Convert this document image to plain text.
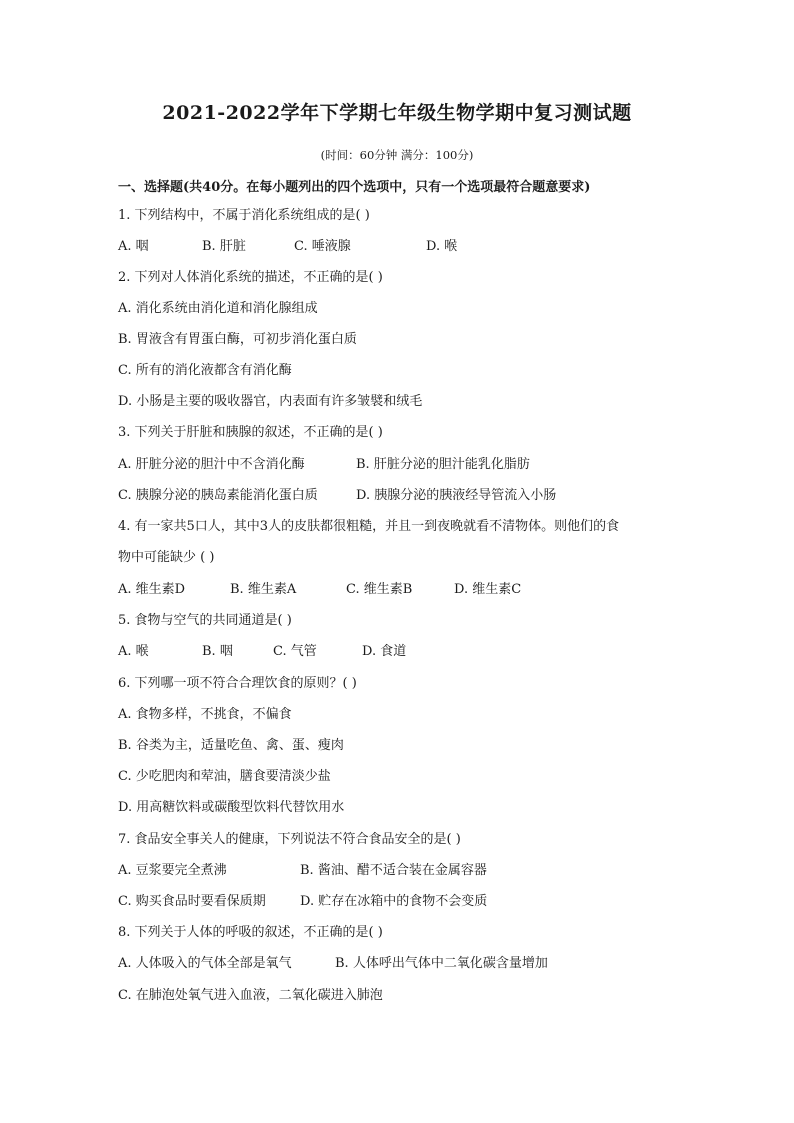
2021-2022学年下学期七年级生物学期中复习测试题
(时间：60分钟 满分：100分)
一、选择题(共40分。在每小题列出的四个选项中，只有一个选项最符合题意要求)
1. 下列结构中，不属于消化系统组成的是( )
A. 咽	B. 肝脏	C. 唾液腺	D. 喉
2. 下列对人体消化系统的描述，不正确的是( )
A. 消化系统由消化道和消化腺组成
B. 胃液含有胃蛋白酶，可初步消化蛋白质
C. 所有的消化液都含有消化酶
D. 小肠是主要的吸收器官，内表面有许多皱襞和绒毛
3. 下列关于肝脏和胰腺的叙述，不正确的是( )
A. 肝脏分泌的胆汁中不含消化酶	B. 肝脏分泌的胆汁能乳化脂肪
C. 胰腺分泌的胰岛素能消化蛋白质	D. 胰腺分泌的胰液经导管流入小肠
4. 有一家共5口人，其中3人的皮肤都很粗糙，并且一到夜晚就看不清物体。则他们的食
物中可能缺少 ( )
A. 维生素D	B. 维生素A	C. 维生素B	D. 维生素C
5. 食物与空气的共同通道是( )
A. 喉	B. 咽	C. 气管	D. 食道
6. 下列哪一项不符合合理饮食的原则？( )
A. 食物多样，不挑食，不偏食
B. 谷类为主，适量吃鱼、禽、蛋、瘦肉
C. 少吃肥肉和荤油，膳食要清淡少盐
D. 用高糖饮料或碳酸型饮料代替饮用水
7. 食品安全事关人的健康，下列说法不符合食品安全的是( )
A. 豆浆要完全煮沸	B. 酱油、醋不适合装在金属容器
C. 购买食品时要看保质期	D. 贮存在冰箱中的食物不会变质
8. 下列关于人体的呼吸的叙述，不正确的是( )
A. 人体吸入的气体全部是氧气	B. 人体呼出气体中二氧化碳含量增加
C. 在肺泡处氧气进入血液，二氧化碳进入肺泡
